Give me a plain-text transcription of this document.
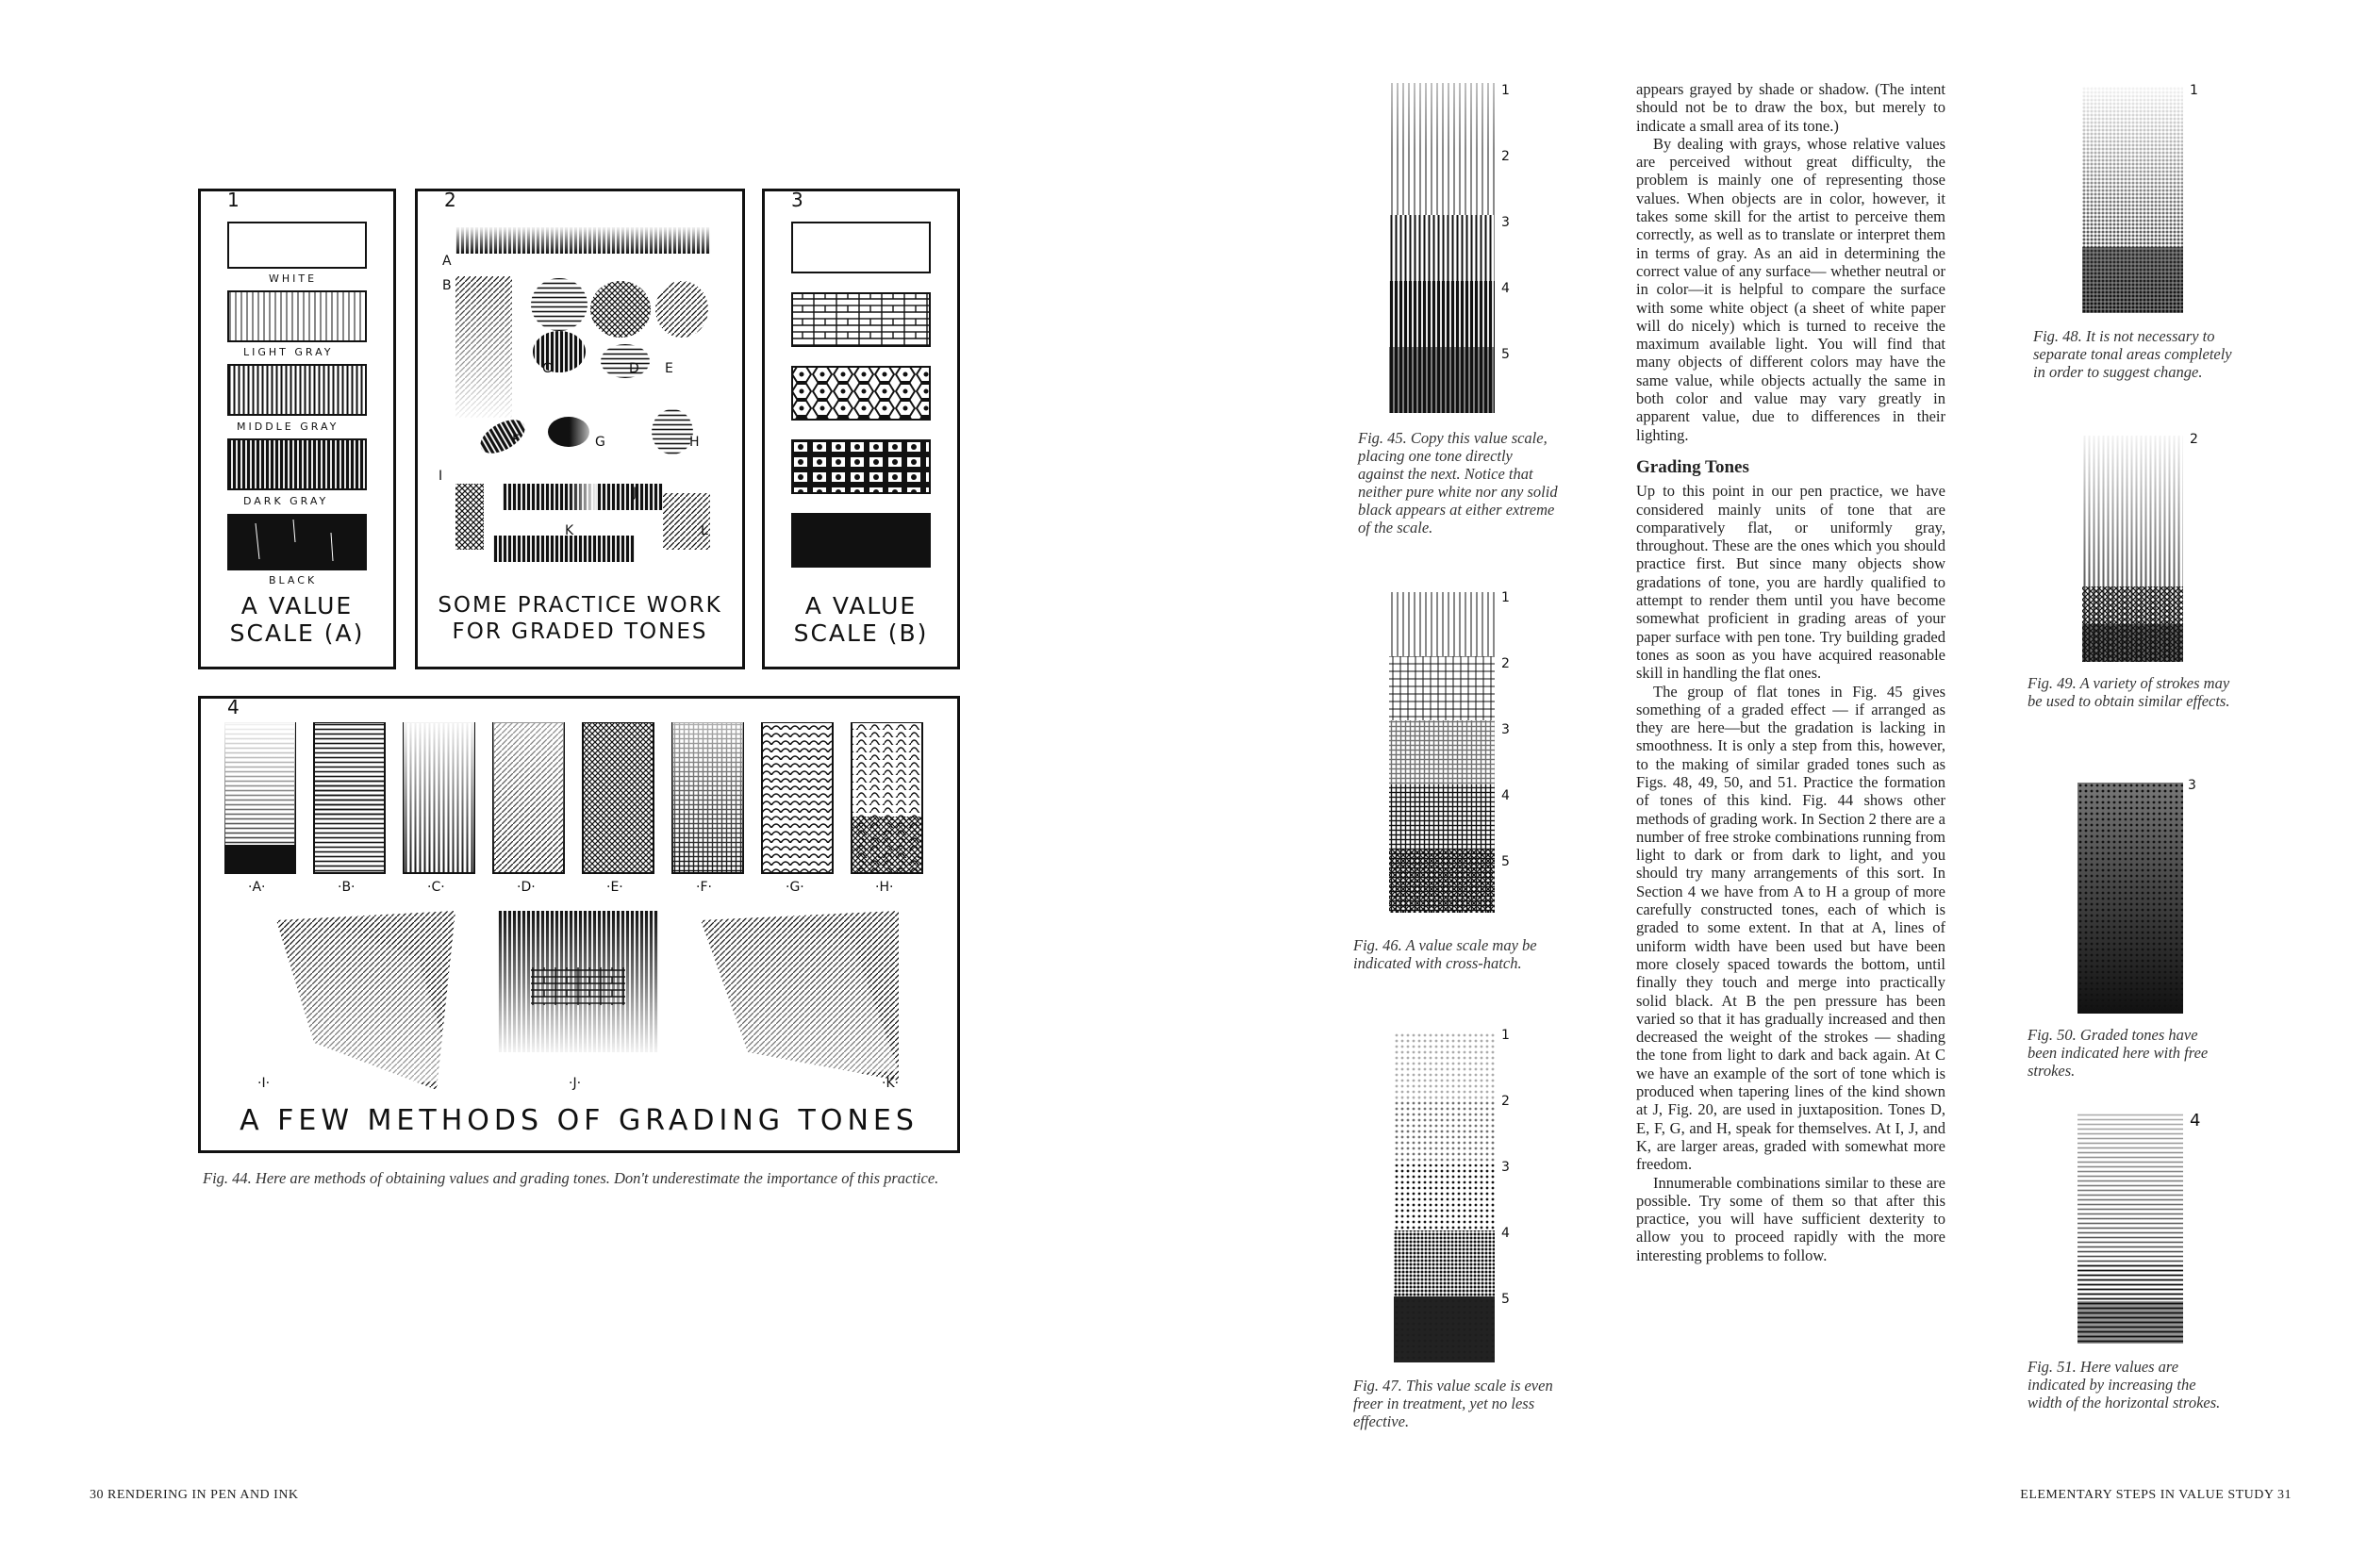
1
WHITE
LIGHT GRAY
MIDDLE GRAY
DARK GRAY
BLACK
A VALUE
SCALE (A)
2
A
B
C	D E
F	G	H
I
J
K	L
SOME PRACTICE WORK
FOR GRADED TONES
3
A VALUE
SCALE (B)
4
·A·	·B·	·C·	·D·	·E·	·F·	·G·	·H·
·I·	·J·	·K·
A FEW METHODS OF GRADING TONES
Fig. 44. Here are methods of obtaining values and grading tones. Don't underestimate the importance of this practice.
30 RENDERING IN PEN AND INK
1
2
3
4
5
Fig. 45. Copy this value scale, placing one tone directly against the next. Notice that neither pure white nor any solid black appears at either extreme of the scale.
1
2
3
4
5
Fig. 46. A value scale may be indicated with cross-hatch.
1
2
3
4
5
Fig. 47. This value scale is even freer in treatment, yet no less effective.

appears grayed by shade or shadow. (The intent should not be to draw the box, but merely to indicate a small area of its tone.)

By dealing with grays, whose relative values are perceived without great difficulty, the problem is mainly one of representing those values. When objects are in color, however, it takes some skill for the artist to perceive them correctly, as well as to translate or interpret them in terms of gray. As an aid in determining the correct value of any surface— whether neutral or in color—it is helpful to compare the surface with some white object (a sheet of white paper will do nicely) which is turned to receive the maximum available light. You will find that many objects of different colors may have the same value, while objects actually the same in both color and value may vary greatly in apparent value, due to differences in their lighting.

Grading Tones

Up to this point in our pen practice, we have considered mainly units of tone that are comparatively flat, or uniformly gray, throughout. These are the ones which you should practice first. But since many objects show gradations of tone, you are hardly qualified to attempt to render them until you have become somewhat proficient in grading areas of your paper surface with pen tone. Try building graded tones as soon as you have acquired reasonable skill in handling the flat ones.

The group of flat tones in Fig. 45 gives something of a graded effect — if arranged as they are here—but the gradation is lacking in smoothness. It is only a step from this, however, to the making of similar graded tones such as Figs. 48, 49, 50, and 51. Practice the formation of tones of this kind. Fig. 44 shows other methods of grading work. In Section 2 there are a number of free stroke combinations running from light to dark or from dark to light, and you should try many arrangements of this sort. In Section 4 we have from A to H a group of more carefully constructed tones, each of which is graded to some extent. In that at A, lines of uniform width have been used but have been more closely spaced towards the bottom, until finally they touch and merge into practically solid black. At B the pen pressure has been varied so that it has gradually increased and then decreased the weight of the strokes — shading the tone from light to dark and back again. At C we have an example of the sort of tone which is produced when tapering lines of the kind shown at J, Fig. 20, are used in juxtaposition. Tones D, E, F, G, and H, speak for themselves. At I, J, and K, are larger areas, graded with somewhat more freedom.

Innumerable combinations similar to these are possible. Try some of them so that after this practice, you will have sufficient dexterity to allow you to proceed rapidly with the more interesting problems to follow.

1
Fig. 48. It is not necessary to separate tonal areas completely in order to suggest change.
2
Fig. 49. A variety of strokes may be used to obtain similar effects.
3
Fig. 50. Graded tones have been indicated here with free strokes.
4
Fig. 51. Here values are indicated by increasing the width of the horizontal strokes.
ELEMENTARY STEPS IN VALUE STUDY 31
